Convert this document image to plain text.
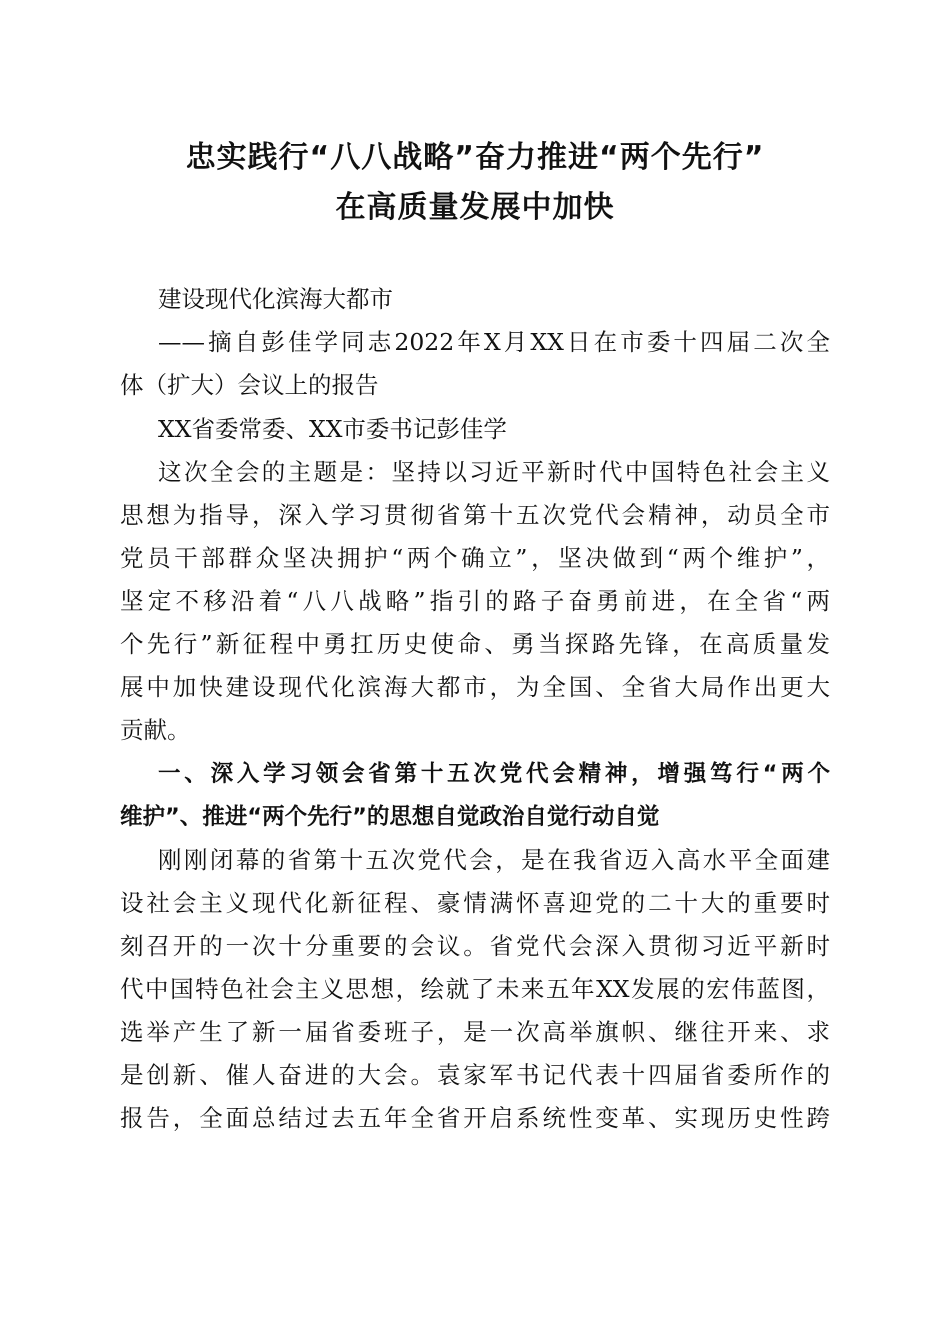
忠实践行“八八战略”奋力推进“两个先行”
在高质量发展中加快
建设现代化滨海大都市
——摘自彭佳学同志2022年X月XX日在市委十四届二次全
体（扩大）会议上的报告
XX省委常委、XX市委书记彭佳学
这次全会的主题是：坚持以习近平新时代中国特色社会主义
思想为指导，深入学习贯彻省第十五次党代会精神，动员全市
党员干部群众坚决拥护“两个确立”，坚决做到“两个维护”，
坚定不移沿着“八八战略”指引的路子奋勇前进，在全省“两
个先行”新征程中勇扛历史使命、勇当探路先锋，在高质量发
展中加快建设现代化滨海大都市，为全国、全省大局作出更大
贡献。
一、深入学习领会省第十五次党代会精神，增强笃行“两个
维护”、推进“两个先行”的思想自觉政治自觉行动自觉
刚刚闭幕的省第十五次党代会，是在我省迈入高水平全面建
设社会主义现代化新征程、豪情满怀喜迎党的二十大的重要时
刻召开的一次十分重要的会议。省党代会深入贯彻习近平新时
代中国特色社会主义思想，绘就了未来五年XX发展的宏伟蓝图，
选举产生了新一届省委班子，是一次高举旗帜、继往开来、求
是创新、催人奋进的大会。袁家军书记代表十四届省委所作的
报告，全面总结过去五年全省开启系统性变革、实现历史性跨
